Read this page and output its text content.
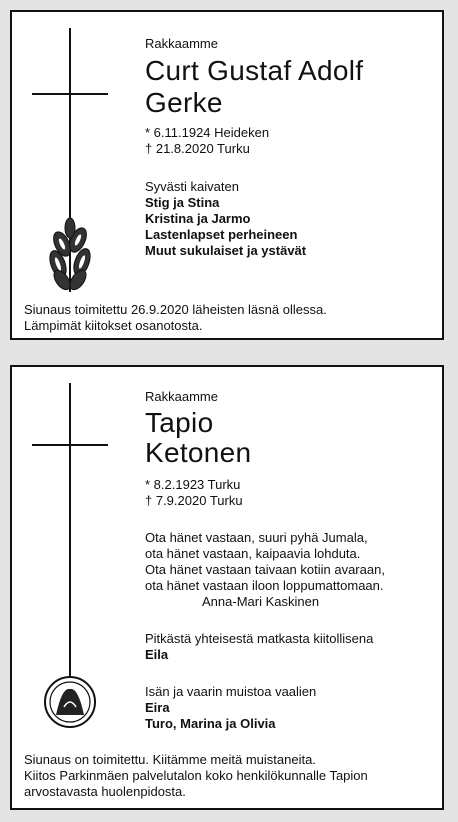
Rakkaamme
Curt Gustaf Adolf
Gerke
* 6.11.1924 Heideken
† 21.8.2020 Turku
Syvästi kaivaten
Stig ja Stina
Kristina ja Jarmo
Lastenlapset perheineen
Muut sukulaiset ja ystävät
Siunaus toimitettu 26.9.2020 läheisten läsnä ollessa.
Lämpimät kiitokset osanotosta.
Rakkaamme
Tapio
Ketonen
* 8.2.1923 Turku
† 7.9.2020 Turku
Ota hänet vastaan, suuri pyhä Jumala,
ota hänet vastaan, kaipaavia lohduta.
Ota hänet vastaan taivaan kotiin avaraan,
ota hänet vastaan iloon loppumattomaan.
Anna-Mari Kaskinen
Pitkästä yhteisestä matkasta kiitollisena
Eila
Isän ja vaarin muistoa vaalien
Eira
Turo, Marina ja Olivia
Siunaus on toimitettu. Kiitämme meitä muistaneita.
Kiitos Parkinmäen palvelutalon koko henkilökunnalle Tapion
arvostavasta huolenpidosta.
